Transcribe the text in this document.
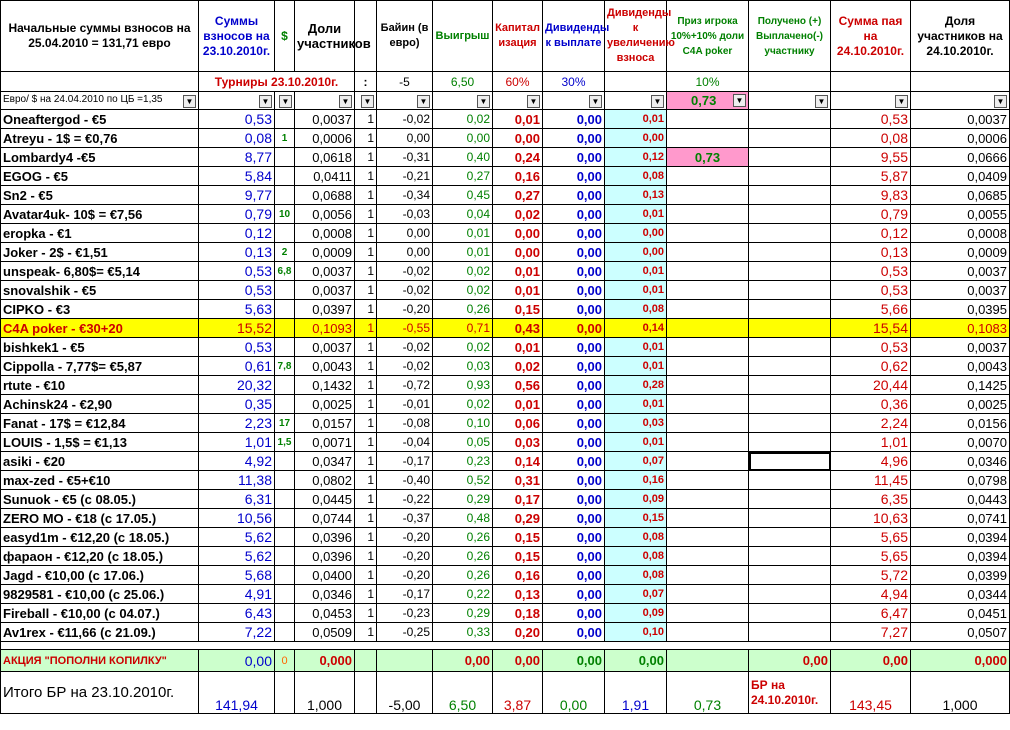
Начальные суммы взносов на 25.04.2010 = 131,71 евро	Суммы взносов на 23.10.2010г.	$	Доли участников		Байин (в евро)	Выигрыш	Капитализация	Дивиденды к выплате	Дивиденды к увеличению взноса	Приз игрока 10%+10% доли C4A poker	Получено (+) Выплачено(-) участнику	Сумма пая на 24.10.2010г.	Доля участников на 24.10.2010г.
	Турниры 23.10.2010г.			:	-5	6,50	60%	30%		10%			
Евро/ $ на 24.04.2010 по ЦБ =1,35 ▼	▼	▼	▼	▼	▼	▼	▼	▼	▼	0,73 ▼	▼	▼	▼

Oneaftergod - €5	0,53		0,0037	1	-0,02	0,02	0,01	0,00	0,01			0,53	0,0037
Atreyu - 1$ = €0,76	0,08	1	0,0006	1	0,00	0,00	0,00	0,00	0,00			0,08	0,0006
Lombardy4 -€5	8,77		0,0618	1	-0,31	0,40	0,24	0,00	0,12	0,73		9,55	0,0666
EGOG - €5	5,84		0,0411	1	-0,21	0,27	0,16	0,00	0,08			5,87	0,0409
Sn2 - €5	9,77		0,0688	1	-0,34	0,45	0,27	0,00	0,13			9,83	0,0685
Avatar4uk- 10$ = €7,56	0,79	10	0,0056	1	-0,03	0,04	0,02	0,00	0,01			0,79	0,0055
eropka - €1	0,12		0,0008	1	0,00	0,01	0,00	0,00	0,00			0,12	0,0008
Joker - 2$ - €1,51	0,13	2	0,0009	1	0,00	0,01	0,00	0,00	0,00			0,13	0,0009
unspeak- 6,80$= €5,14	0,53	6,8	0,0037	1	-0,02	0,02	0,01	0,00	0,01			0,53	0,0037
snovalshik - €5	0,53		0,0037	1	-0,02	0,02	0,01	0,00	0,01			0,53	0,0037
CIPKO - €3	5,63		0,0397	1	-0,20	0,26	0,15	0,00	0,08			5,66	0,0395
C4A poker - €30+20	15,52		0,1093	1	-0,55	0,71	0,43	0,00	0,14			15,54	0,1083
bishkek1 - €5	0,53		0,0037	1	-0,02	0,02	0,01	0,00	0,01			0,53	0,0037
Cippolla - 7,77$= €5,87	0,61	7,8	0,0043	1	-0,02	0,03	0,02	0,00	0,01			0,62	0,0043
rtute - €10	20,32		0,1432	1	-0,72	0,93	0,56	0,00	0,28			20,44	0,1425
Achinsk24 - €2,90	0,35		0,0025	1	-0,01	0,02	0,01	0,00	0,01			0,36	0,0025
Fanat - 17$ = €12,84	2,23	17	0,0157	1	-0,08	0,10	0,06	0,00	0,03			2,24	0,0156
LOUIS - 1,5$ = €1,13	1,01	1,5	0,0071	1	-0,04	0,05	0,03	0,00	0,01			1,01	0,0070
asiki - €20	4,92		0,0347	1	-0,17	0,23	0,14	0,00	0,07			4,96	0,0346
max-zed - €5+€10	11,38		0,0802	1	-0,40	0,52	0,31	0,00	0,16			11,45	0,0798
Sunuok - €5 (с 08.05.)	6,31		0,0445	1	-0,22	0,29	0,17	0,00	0,09			6,35	0,0443
ZERO MO - €18 (с 17.05.)	10,56		0,0744	1	-0,37	0,48	0,29	0,00	0,15			10,63	0,0741
easyd1m - €12,20 (с 18.05.)	5,62		0,0396	1	-0,20	0,26	0,15	0,00	0,08			5,65	0,0394
фараон - €12,20 (с 18.05.)	5,62		0,0396	1	-0,20	0,26	0,15	0,00	0,08			5,65	0,0394
Jagd - €10,00 (с 17.06.)	5,68		0,0400	1	-0,20	0,26	0,16	0,00	0,08			5,72	0,0399
9829581 - €10,00 (с 25.06.)	4,91		0,0346	1	-0,17	0,22	0,13	0,00	0,07			4,94	0,0344
Fireball - €10,00 (с 04.07.)	6,43		0,0453	1	-0,23	0,29	0,18	0,00	0,09			6,47	0,0451
Av1rex - €11,66 (с 21.09.)	7,22		0,0509	1	-0,25	0,33	0,20	0,00	0,10			7,27	0,0507

АКЦИЯ "ПОПОЛНИ КОПИЛКУ"	0,00	0	0,000			0,00	0,00	0,00	0,00		0,00	0,00	0,000
Итого БР на 23.10.2010г.	141,94		1,000		-5,00	6,50	3,87	0,00	1,91	0,73	БР на 24.10.2010г.	143,45	1,000
